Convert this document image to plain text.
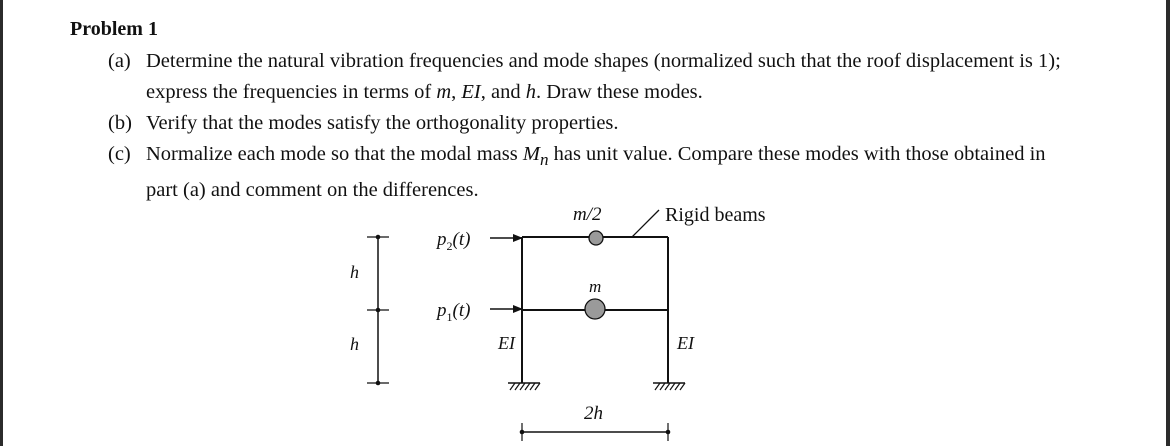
Problem 1
(a) Determine the natural vibration frequencies and mode shapes (normalized such that the roof displacement is 1); express the frequencies in terms of m, EI, and h. Draw these modes.
(b) Verify that the modes satisfy the orthogonality properties.
(c) Normalize each mode so that the modal mass $M_n$ has unit value. Compare these modes with those obtained in part (a) and comment on the differences.
h
h
$p_2(t)$
$p_1(t)$
m/2
m
Rigid beams
EI	EI
2h
